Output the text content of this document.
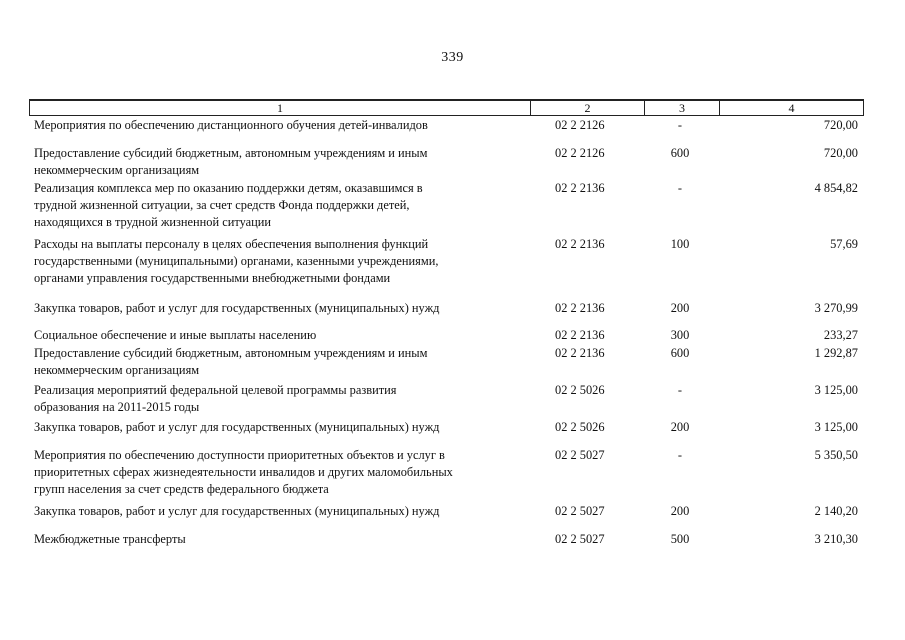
339
1	2	3	4
Мероприятия по обеспечению дистанционного обучения детей-инвалидов	02 2 2126	-	720,00
Предоставление субсидий бюджетным, автономным учреждениям и иным
некоммерческим организациям
02 2 2126	600	720,00
Реализация комплекса мер по оказанию поддержки детям, оказавшимся в
трудной жизненной ситуации, за счет средств Фонда поддержки детей,
находящихся в трудной жизненной ситуации
02 2 2136	-	4 854,82
Расходы на выплаты персоналу в целях обеспечения выполнения функций
государственными (муниципальными) органами, казенными учреждениями,
органами управления государственными внебюджетными фондами
02 2 2136	100	57,69
Закупка товаров, работ и услуг для государственных (муниципальных) нужд	02 2 2136	200	3 270,99
Социальное обеспечение и иные выплаты населению	02 2 2136	300	233,27
Предоставление субсидий бюджетным, автономным учреждениям и иным
некоммерческим организациям
02 2 2136	600	1 292,87
Реализация мероприятий федеральной целевой программы развития
образования на 2011-2015 годы
02 2 5026	-	3 125,00
Закупка товаров, работ и услуг для государственных (муниципальных) нужд	02 2 5026	200	3 125,00
Мероприятия по обеспечению доступности приоритетных объектов и услуг в
приоритетных сферах жизнедеятельности инвалидов и других маломобильных
групп населения за счет средств федерального бюджета
02 2 5027	-	5 350,50
Закупка товаров, работ и услуг для государственных (муниципальных) нужд	02 2 5027	200	2 140,20
Межбюджетные трансферты	02 2 5027	500	3 210,30
